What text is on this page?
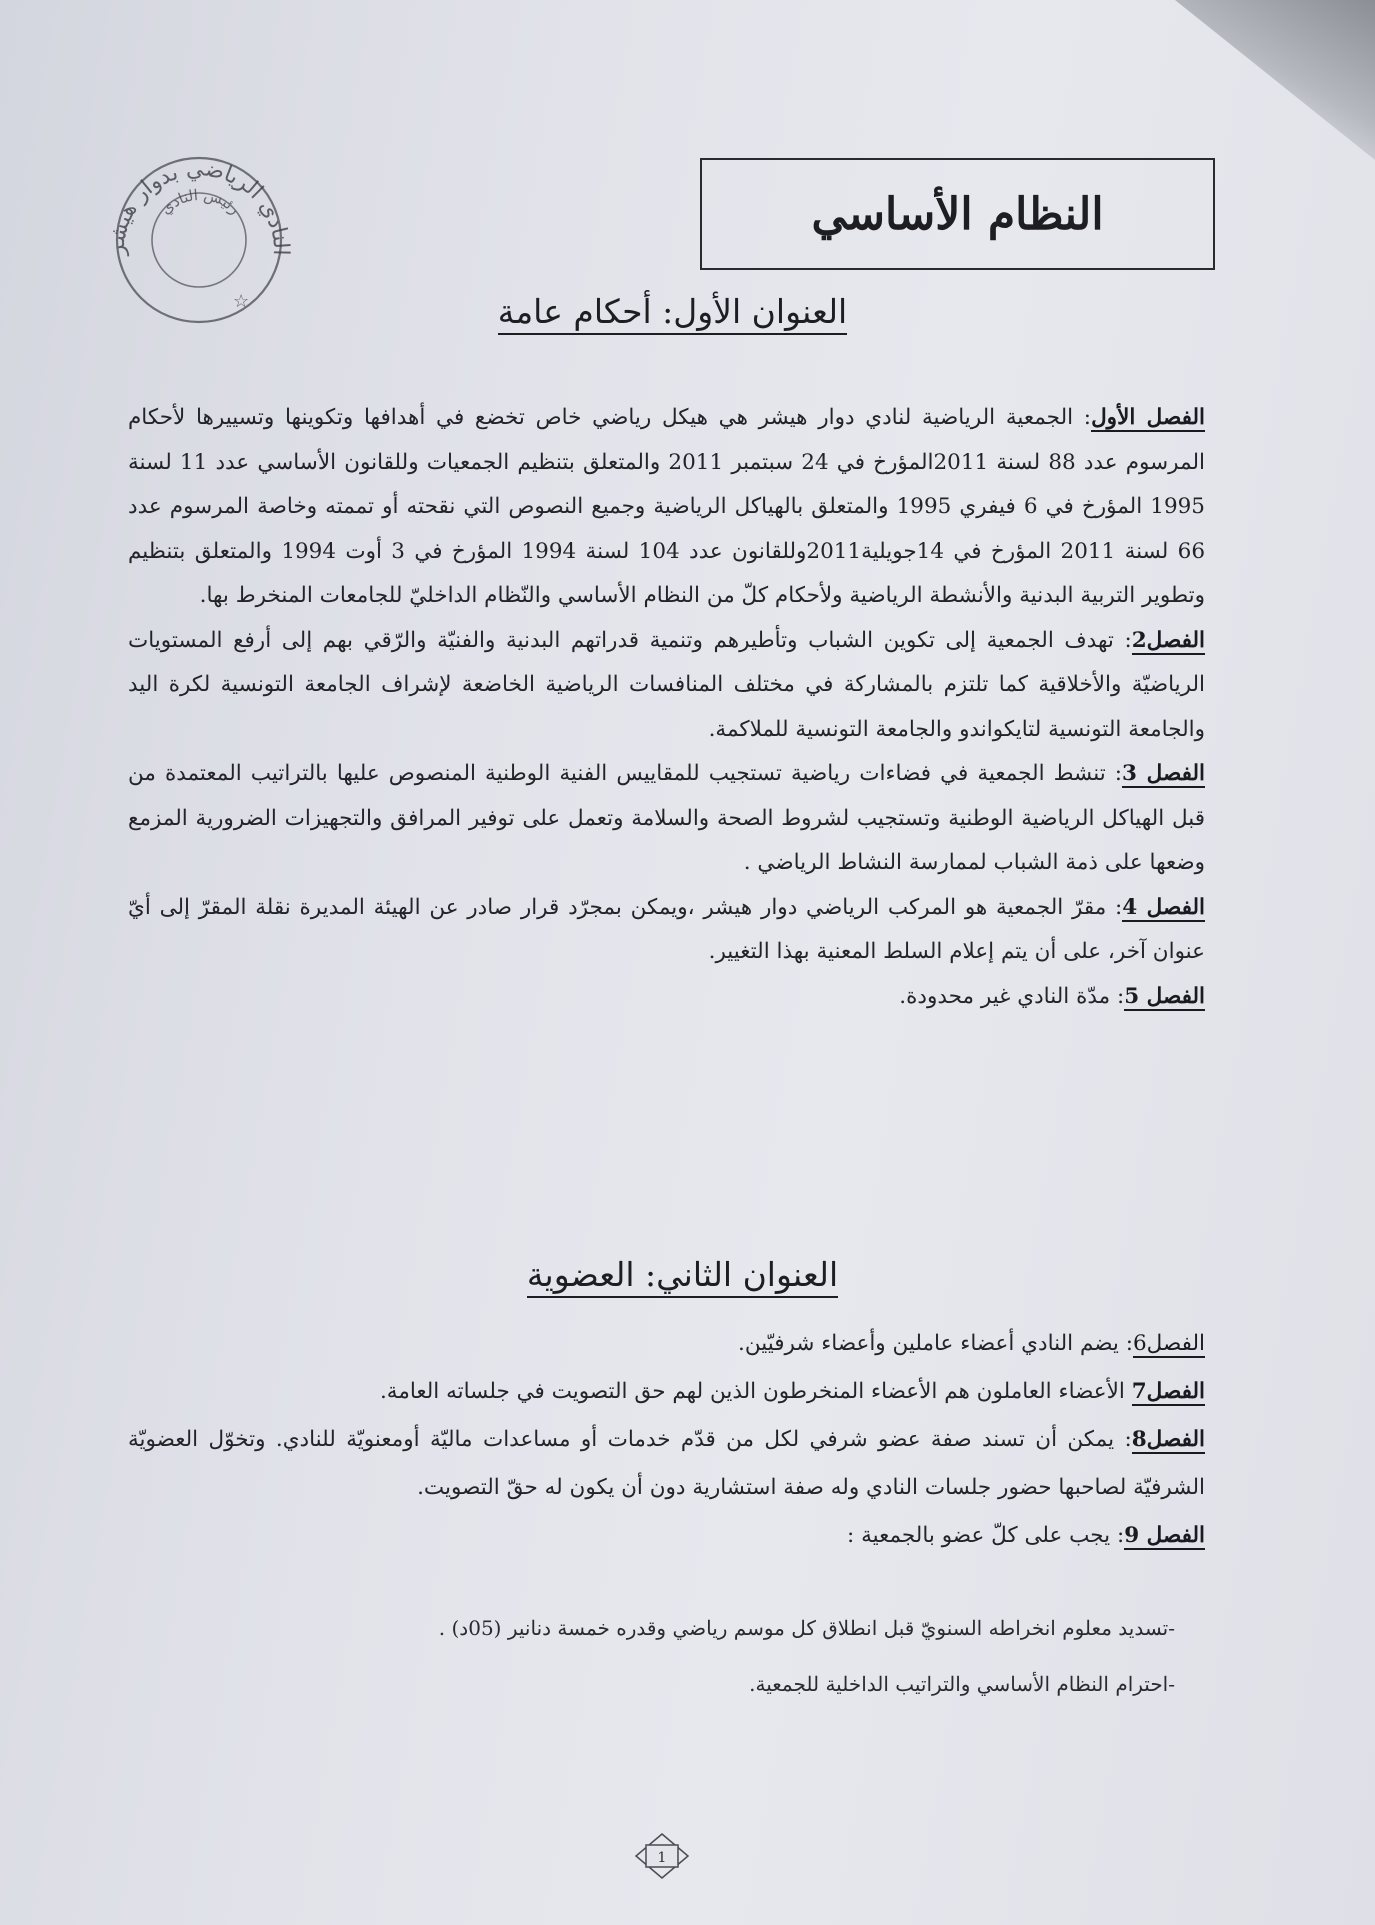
النادي الرياضي بدوار هيشر
رئيس النادي
☆
النظام الأساسي
العنوان الأول: أحكام عامة

الفصل الأول: الجمعية الرياضية لنادي دوار هيشر هي هيكل رياضي خاص تخضع في أهدافها وتكوينها وتسييرها لأحكام المرسوم عدد 88 لسنة 2011المؤرخ في 24 سبتمبر 2011 والمتعلق بتنظيم الجمعيات وللقانون الأساسي عدد 11 لسنة 1995 المؤرخ في 6 فيفري 1995 والمتعلق بالهياكل الرياضية وجميع النصوص التي نقحته أو تممته وخاصة المرسوم عدد 66 لسنة 2011 المؤرخ في 14جويلية2011وللقانون عدد 104 لسنة 1994 المؤرخ في 3 أوت 1994 والمتعلق بتنظيم وتطوير التربية البدنية والأنشطة الرياضية ولأحكام كلّ من النظام الأساسي والنّظام الداخليّ للجامعات المنخرط بها.

الفصل2: تهدف الجمعية إلى تكوين الشباب وتأطيرهم وتنمية قدراتهم البدنية والفنيّة والرّقي بهم إلى أرفع المستويات الرياضيّة والأخلاقية كما تلتزم بالمشاركة في مختلف المنافسات الرياضية الخاضعة لإشراف الجامعة التونسية لكرة اليد والجامعة التونسية لتايكواندو والجامعة التونسية للملاكمة.

الفصل 3: تنشط الجمعية في فضاءات رياضية تستجيب للمقاييس الفنية الوطنية المنصوص عليها بالتراتيب المعتمدة من قبل الهياكل الرياضية الوطنية وتستجيب لشروط الصحة والسلامة وتعمل على توفير المرافق والتجهيزات الضرورية المزمع وضعها على ذمة الشباب لممارسة النشاط الرياضي .

الفصل 4: مقرّ الجمعية هو المركب الرياضي دوار هيشر ،ويمكن بمجرّد قرار صادر عن الهيئة المديرة نقلة المقرّ إلى أيّ عنوان آخر، على أن يتم إعلام السلط المعنية بهذا التغيير.

الفصل 5: مدّة النادي غير محدودة.

العنوان الثاني: العضوية

الفصل6: يضم النادي أعضاء عاملين وأعضاء شرفيّين.

الفصل7 الأعضاء العاملون هم الأعضاء المنخرطون الذين لهم حق التصويت في جلساته العامة.

الفصل8: يمكن أن تسند صفة عضو شرفي لكل من قدّم خدمات أو مساعدات ماليّة أومعنويّة للنادي. وتخوّل العضويّة الشرفيّة لصاحبها حضور جلسات النادي وله صفة استشارية دون أن يكون له حقّ التصويت.

الفصل 9: يجب على كلّ عضو بالجمعية :

-تسديد معلوم انخراطه السنويّ قبل انطلاق كل موسم رياضي وقدره خمسة دنانير (05د) .

-احترام النظام الأساسي والتراتيب الداخلية للجمعية.

1
